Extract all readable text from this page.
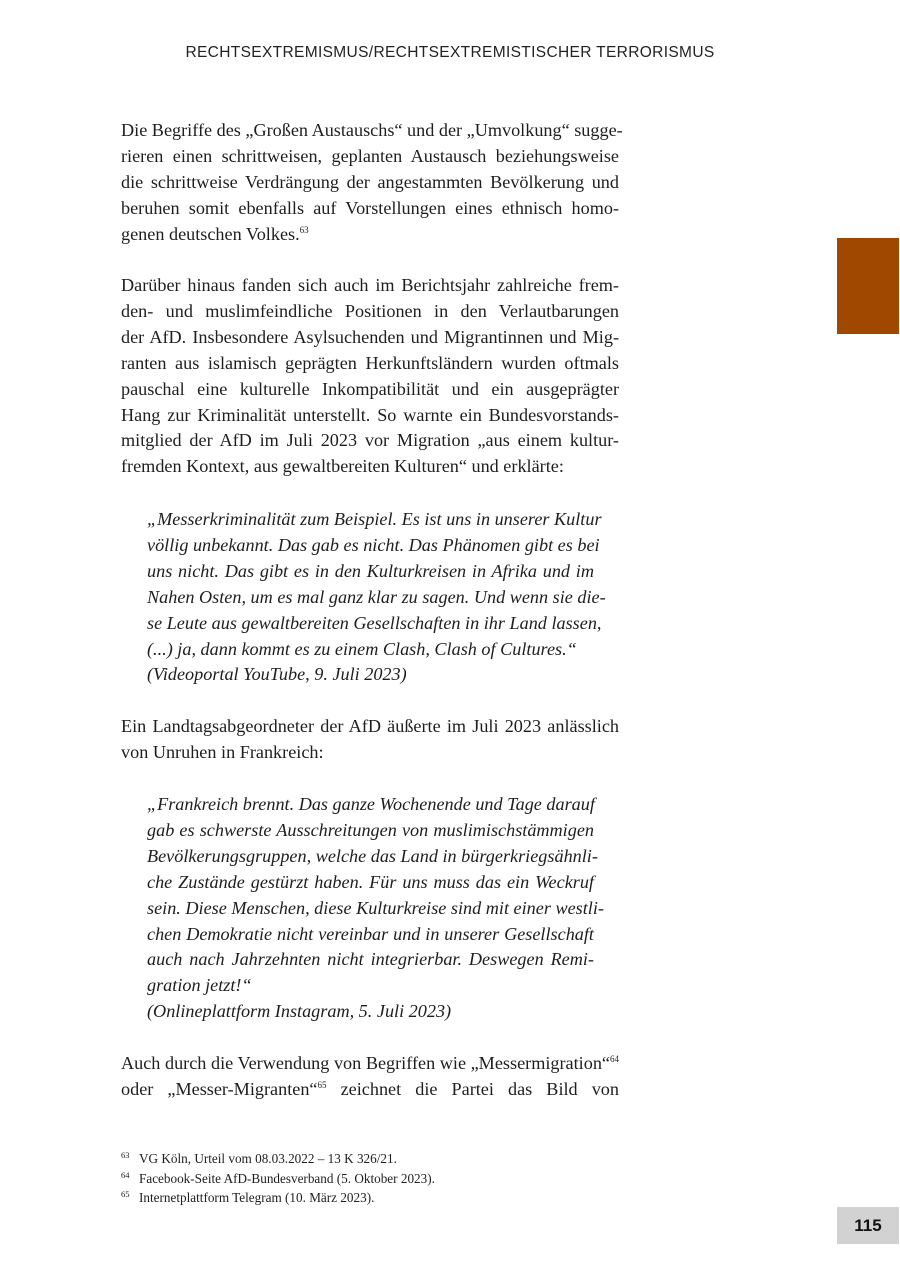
RECHTSEXTREMISMUS/RECHTSEXTREMISTISCHER TERRORISMUS

Die Begriffe des „Großen Austauschs“ und der „Umvolkung“ sugge-
rieren einen schrittweisen, geplanten Austausch beziehungsweise
die schrittweise Verdrängung der angestammten Bevölkerung und
beruhen somit ebenfalls auf Vorstellungen eines ethnisch homo-
genen deutschen Volkes.$^{63}$

Darüber hinaus fanden sich auch im Berichtsjahr zahlreiche frem-
den- und muslimfeindliche Positionen in den Verlautbarungen
der AfD. Insbesondere Asylsuchenden und Migrantinnen und Mig-
ranten aus islamisch geprägten Herkunftsländern wurden oftmals
pauschal eine kulturelle Inkompatibilität und ein ausgeprägter
Hang zur Kriminalität unterstellt. So warnte ein Bundesvorstands-
mitglied der AfD im Juli 2023 vor Migration „aus einem kultur-
fremden Kontext, aus gewaltbereiten Kulturen“ und erklärte:

„Messerkriminalität zum Beispiel. Es ist uns in unserer Kultur
völlig unbekannt. Das gab es nicht. Das Phänomen gibt es bei
uns nicht. Das gibt es in den Kulturkreisen in Afrika und im
Nahen Osten, um es mal ganz klar zu sagen. Und wenn sie die-
se Leute aus gewaltbereiten Gesellschaften in ihr Land lassen,
(...) ja, dann kommt es zu einem Clash, Clash of Cultures.“
(Videoportal YouTube, 9. Juli 2023)

Ein Landtagsabgeordneter der AfD äußerte im Juli 2023 anlässlich
von Unruhen in Frankreich:

„Frankreich brennt. Das ganze Wochenende und Tage darauf
gab es schwerste Ausschreitungen von muslimischstämmigen
Bevölkerungsgruppen, welche das Land in bürgerkriegsähnli-
che Zustände gestürzt haben. Für uns muss das ein Weckruf
sein. Diese Menschen, diese Kulturkreise sind mit einer westli-
chen Demokratie nicht vereinbar und in unserer Gesellschaft
auch nach Jahrzehnten nicht integrierbar. Deswegen Remi-
gration jetzt!“
(Onlineplattform Instagram, 5. Juli 2023)

Auch durch die Verwendung von Begriffen wie „Messermigration“$^{64}$
oder „Messer-Migranten“$^{65}$ zeichnet die Partei das Bild von

63 VG Köln, Urteil vom 08.03.2022 – 13 K 326/21.
64 Facebook-Seite AfD-Bundesverband (5. Oktober 2023).
65 Internetplattform Telegram (10. März 2023).
115
